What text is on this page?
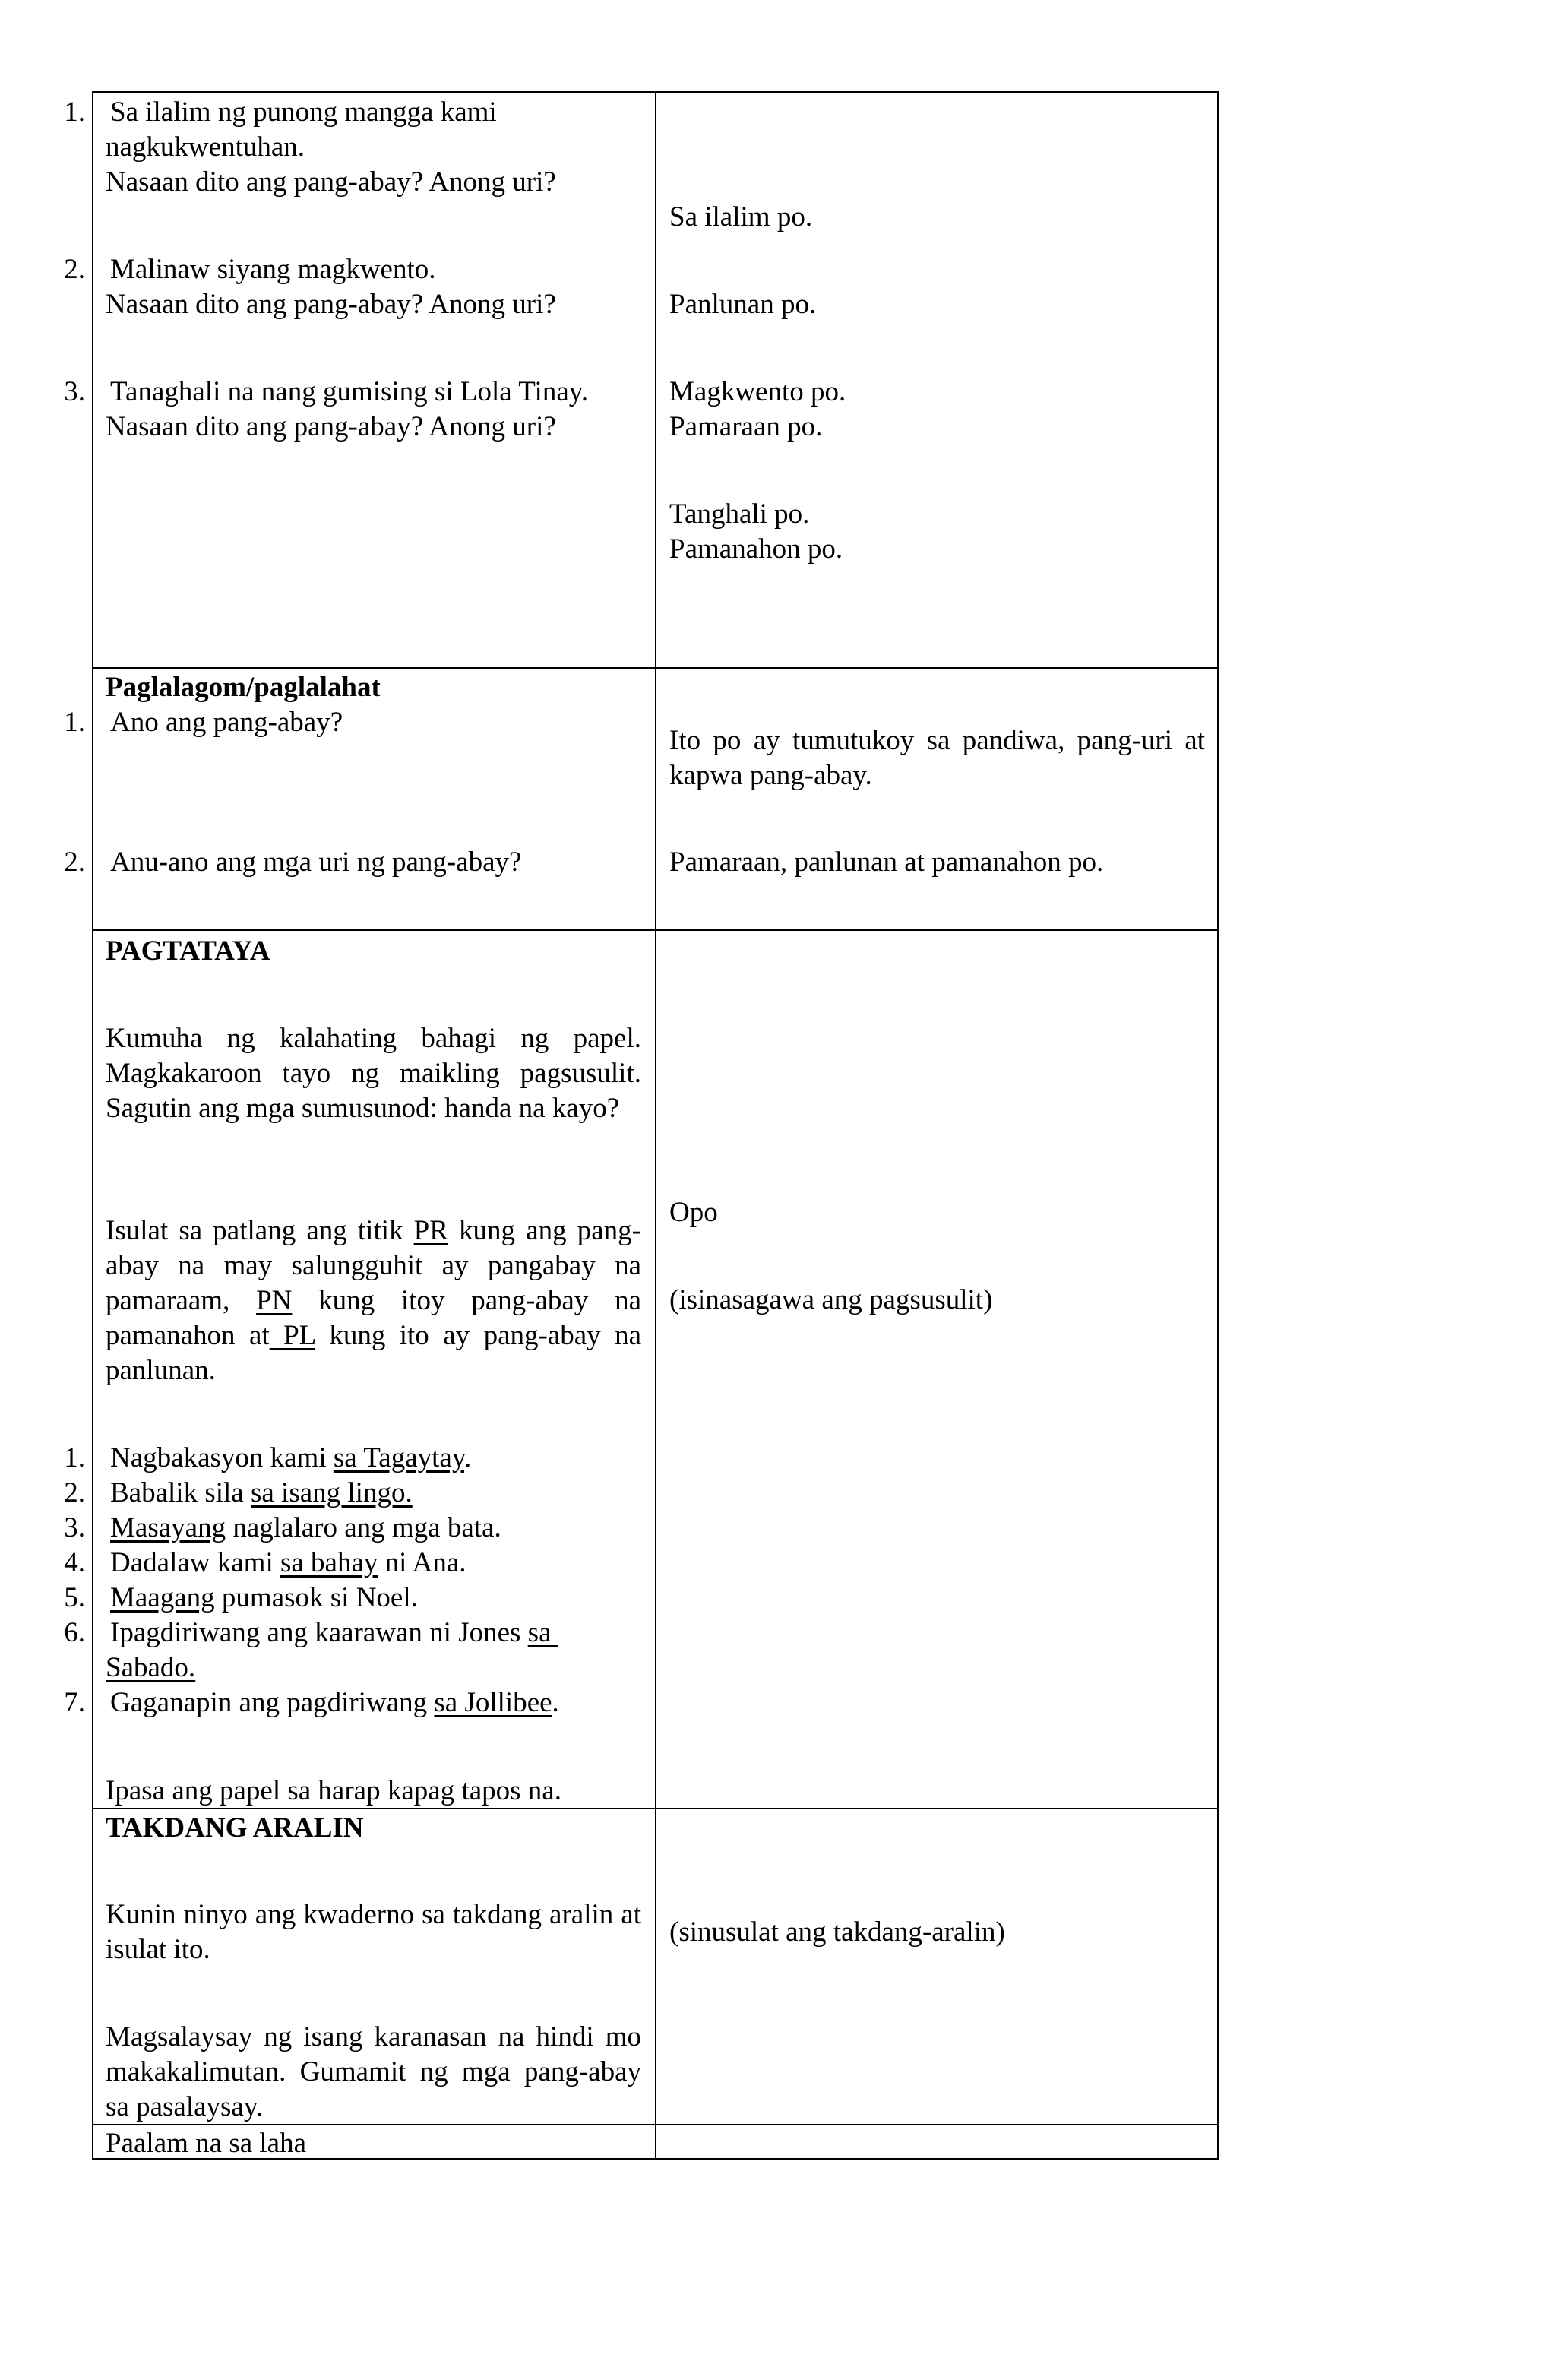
1. Sa ilalim ng punong mangga kami
nagkukwentuhan.
Nasaan dito ang pang-abay? Anong uri?
2. Malinaw siyang magkwento.
Nasaan dito ang pang-abay? Anong uri?
3. Tanaghali na nang gumising si Lola Tinay.
Nasaan dito ang pang-abay? Anong uri?
Sa ilalim po.
Panlunan po.
Magkwento po.
Pamaraan po.
Tanghali po.
Pamanahon po.
Paglalagom/paglalahat
1. Ano ang pang-abay?
2. Anu-ano ang mga uri ng pang-abay?
Ito po ay tumutukoy sa pandiwa, pang-uri at kapwa pang-abay.
Pamaraan, panlunan at pamanahon po.
PAGTATAYA
Kumuha ng kalahating bahagi ng papel. Magkakaroon tayo ng maikling pagsusulit. Sagutin ang mga sumusunod: handa na kayo?
Isulat sa patlang ang titik PR kung ang pang-abay na may salungguhit ay pangabay na pamaraam, PN kung itoy pang-abay na pamanahon at PL kung ito ay pang-abay na panlunan.
1. Nagbakasyon kami sa Tagaytay.
2. Babalik sila sa isang lingo.
3. Masayang naglalaro ang mga bata.
4. Dadalaw kami sa bahay ni Ana.
5. Maagang pumasok si Noel.
6. Ipagdiriwang ang kaarawan ni Jones sa
Sabado.
7. Gaganapin ang pagdiriwang sa Jollibee.
Ipasa ang papel sa harap kapag tapos na.
Opo
(isinasagawa ang pagsusulit)
TAKDANG ARALIN
Kunin ninyo ang kwaderno sa takdang aralin at isulat ito.
Magsalaysay ng isang karanasan na hindi mo makakalimutan. Gumamit ng mga pang-abay sa pasalaysay.
(sinusulat ang takdang-aralin)
Paalam na sa laha
